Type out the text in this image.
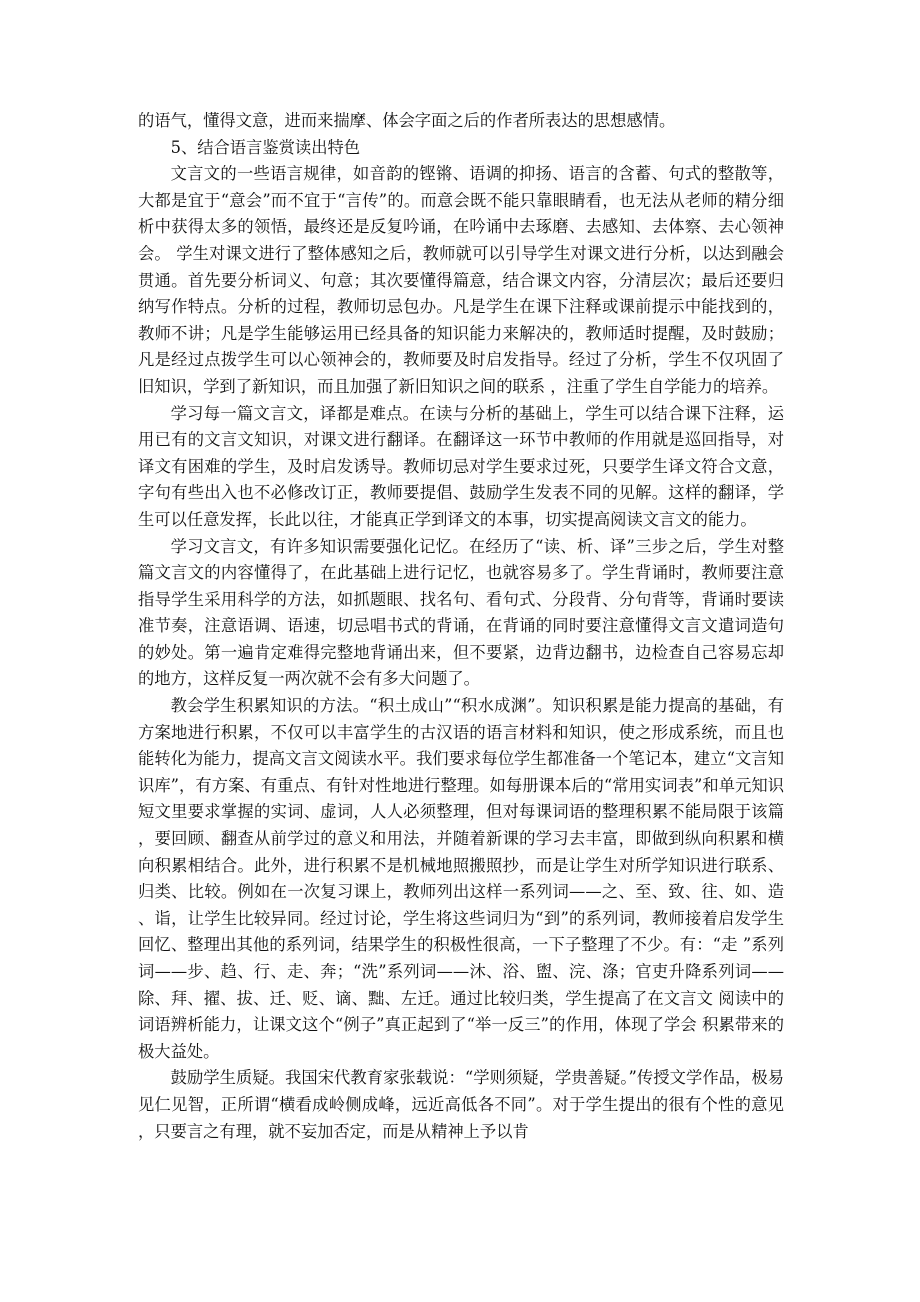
的语气，懂得文意，进而来揣摩、体会字面之后的作者所表达的思想感情。

5、结合语言鉴赏读出特色

文言文的一些语言规律，如音韵的铿锵、语调的抑扬、语言的含蓄、句式的整散等，大都是宜于“意会”而不宜于“言传”的。而意会既不能只靠眼睛看，也无法从老师的精分细析中获得太多的领悟，最终还是反复吟诵，在吟诵中去琢磨、去感知、去体察、去心领神会。 学生对课文进行了整体感知之后，教师就可以引导学生对课文进行分析，以达到融会贯通。首先要分析词义、句意；其次要懂得篇意，结合课文内容，分清层次；最后还要归纳写作特点。分析的过程，教师切忌包办。凡是学生在课下注释或课前提示中能找到的，教师不讲；凡是学生能够运用已经具备的知识能力来解决的，教师适时提醒，及时鼓励；凡是经过点拨学生可以心领神会的，教师要及时启发指导。经过了分析，学生不仅巩固了旧知识，学到了新知识，而且加强了新旧知识之间的联系 ，注重了学生自学能力的培养。

学习每一篇文言文，译都是难点。在读与分析的基础上，学生可以结合课下注释，运用已有的文言文知识，对课文进行翻译。在翻译这一环节中教师的作用就是巡回指导，对译文有困难的学生，及时启发诱导。教师切忌对学生要求过死，只要学生译文符合文意，字句有些出入也不必修改订正，教师要提倡、鼓励学生发表不同的见解。这样的翻译，学生可以任意发挥，长此以往，才能真正学到译文的本事，切实提高阅读文言文的能力。

学习文言文，有许多知识需要强化记忆。在经历了“读、析、译”三步之后，学生对整篇文言文的内容懂得了，在此基础上进行记忆，也就容易多了。学生背诵时，教师要注意指导学生采用科学的方法，如抓题眼、找名句、看句式、分段背、分句背等，背诵时要读准节奏，注意语调、语速，切忌唱书式的背诵，在背诵的同时要注意懂得文言文遣词造句的妙处。第一遍肯定难得完整地背诵出来，但不要紧，边背边翻书，边检查自己容易忘却的地方，这样反复一两次就不会有多大问题了。

教会学生积累知识的方法。“积土成山”“积水成渊”。知识积累是能力提高的基础，有方案地进行积累，不仅可以丰富学生的古汉语的语言材料和知识，使之形成系统，而且也能转化为能力，提高文言文阅读水平。我们要求每位学生都准备一个笔记本，建立“文言知识库”，有方案、有重点、有针对性地进行整理。如每册课本后的“常用实词表”和单元知识短文里要求掌握的实词、虚词，人人必须整理，但对每课词语的整理积累不能局限于该篇，要回顾、翻查从前学过的意义和用法，并随着新课的学习去丰富，即做到纵向积累和横向积累相结合。此外，进行积累不是机械地照搬照抄，而是让学生对所学知识进行联系、归类、比较。例如在一次复习课上，教师列出这样一系列词——之、至、致、往、如、造、诣，让学生比较异同。经过讨论，学生将这些词归为“到”的系列词，教师接着启发学生回忆、整理出其他的系列词，结果学生的积极性很高，一下子整理了不少。有：“走 ”系列词——步、趋、行、走、奔；“洗”系列词——沐、浴、盥、浣、涤；官吏升降系列词——除、拜、擢、拔、迁、贬、谪、黜、左迁。通过比较归类，学生提高了在文言文 阅读中的词语辨析能力，让课文这个“例子”真正起到了“举一反三”的作用，体现了学会 积累带来的极大益处。

鼓励学生质疑。我国宋代教育家张载说：“学则须疑，学贵善疑。”传授文学作品，极易见仁见智，正所谓“横看成岭侧成峰，远近高低各不同”。对于学生提出的很有个性的意见，只要言之有理，就不妄加否定，而是从精神上予以肯
